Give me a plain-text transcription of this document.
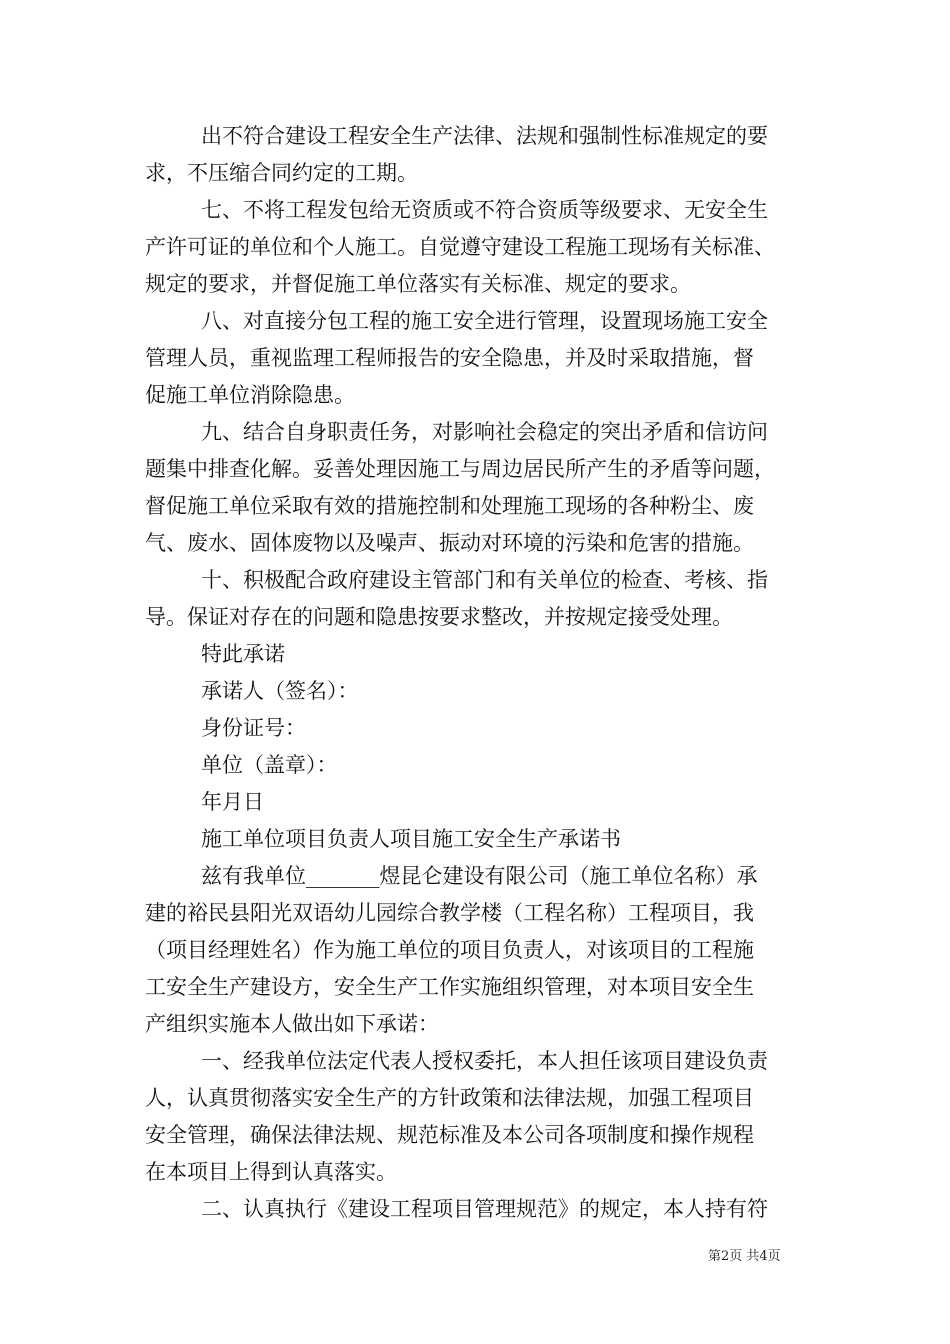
出不符合建设工程安全生产法律、法规和强制性标准规定的要
求，不压缩合同约定的工期。
七、不将工程发包给无资质或不符合资质等级要求、无安全生
产许可证的单位和个人施工。自觉遵守建设工程施工现场有关标准、
规定的要求，并督促施工单位落实有关标准、规定的要求。
八、对直接分包工程的施工安全进行管理，设置现场施工安全
管理人员，重视监理工程师报告的安全隐患，并及时采取措施，督
促施工单位消除隐患。
九、结合自身职责任务，对影响社会稳定的突出矛盾和信访问
题集中排查化解。妥善处理因施工与周边居民所产生的矛盾等问题，
督促施工单位采取有效的措施控制和处理施工现场的各种粉尘、废
气、废水、固体废物以及噪声、振动对环境的污染和危害的措施。
十、积极配合政府建设主管部门和有关单位的检查、考核、指
导。保证对存在的问题和隐患按要求整改，并按规定接受处理。
特此承诺
承诺人（签名）：
身份证号：
单位（盖章）：
年月日
施工单位项目负责人项目施工安全生产承诺书
兹有我单位_______煜昆仑建设有限公司（施工单位名称）承
建的裕民县阳光双语幼儿园综合教学楼（工程名称）工程项目，我
（项目经理姓名）作为施工单位的项目负责人，对该项目的工程施
工安全生产建设方，安全生产工作实施组织管理，对本项目安全生
产组织实施本人做出如下承诺：
一、经我单位法定代表人授权委托，本人担任该项目建设负责
人，认真贯彻落实安全生产的方针政策和法律法规，加强工程项目
安全管理，确保法律法规、规范标准及本公司各项制度和操作规程
在本项目上得到认真落实。
二、认真执行《建设工程项目管理规范》的规定，本人持有符
第2页 共4页
